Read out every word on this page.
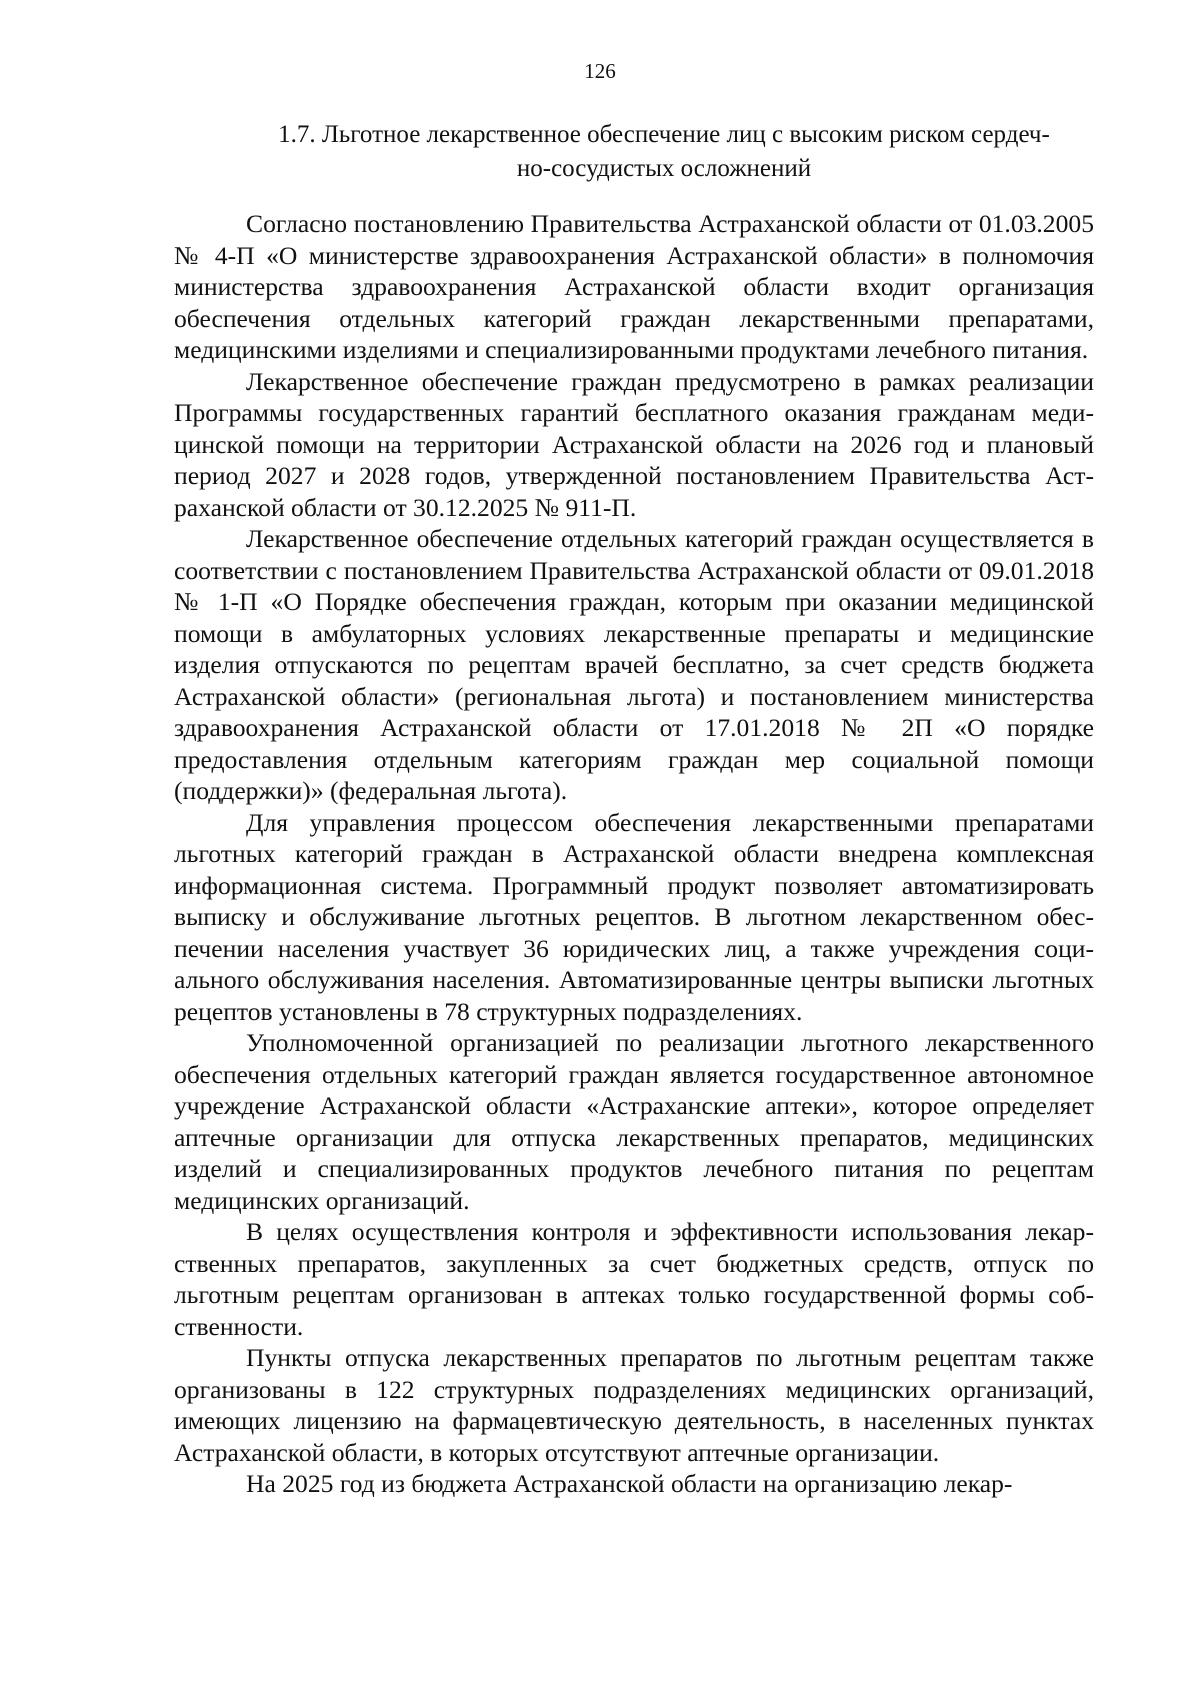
126
1.7. Льготное лекарственное обеспечение лиц с высоким риском сердеч-
но-сосудистых осложнений

Согласно постановлению Правительства Астраханской области от 01.03.2005 № 4-П «О министерстве здравоохранения Астраханской области» в полномочия министерства здравоохранения Астраханской области входит организация обеспечения отдельных категорий граждан лекарственными препаратами, медицинскими изделиями и специализированными продуктами лечебного питания.

Лекарственное обеспечение граждан предусмотрено в рамках реализации Программы государственных гарантий бесплатного оказания гражданам медицинской помощи на территории Астраханской области на 2026 год и плановый период 2027 и 2028 годов, утвержденной постановлением Правительства Астраханской области от 30.12.2025 № 911-П.

Лекарственное обеспечение отдельных категорий граждан осуществляется в соответствии с постановлением Правительства Астраханской области от 09.01.2018 № 1-П «О Порядке обеспечения граждан, которым при оказании медицинской помощи в амбулаторных условиях лекарственные препараты и медицинские изделия отпускаются по рецептам врачей бесплатно, за счет средств бюджета Астраханской области» (региональная льгота) и постановлением министерства здравоохранения Астраханской области от 17.01.2018 № 2П «О порядке предоставления отдельным категориям граждан мер социальной помощи (поддержки)» (федеральная льгота).

Для управления процессом обеспечения лекарственными препаратами льготных категорий граждан в Астраханской области внедрена комплексная информационная система. Программный продукт позволяет автоматизировать выписку и обслуживание льготных рецептов. В льготном лекарственном обеспечении населения участвует 36 юридических лиц, а также учреждения социального обслуживания населения. Автоматизированные центры выписки льготных рецептов установлены в 78 структурных подразделениях.

Уполномоченной организацией по реализации льготного лекарственного обеспечения отдельных категорий граждан является государственное автономное учреждение Астраханской области «Астраханские аптеки», которое определяет аптечные организации для отпуска лекарственных препаратов, медицинских изделий и специализированных продуктов лечебного питания по рецептам медицинских организаций.

В целях осуществления контроля и эффективности использования лекарственных препаратов, закупленных за счет бюджетных средств, отпуск по льготным рецептам организован в аптеках только государственной формы собственности.

Пункты отпуска лекарственных препаратов по льготным рецептам также организованы в 122 структурных подразделениях медицинских организаций, имеющих лицензию на фармацевтическую деятельность, в населенных пунктах Астраханской области, в которых отсутствуют аптечные организации.

На 2025 год из бюджета Астраханской области на организацию лекар-
